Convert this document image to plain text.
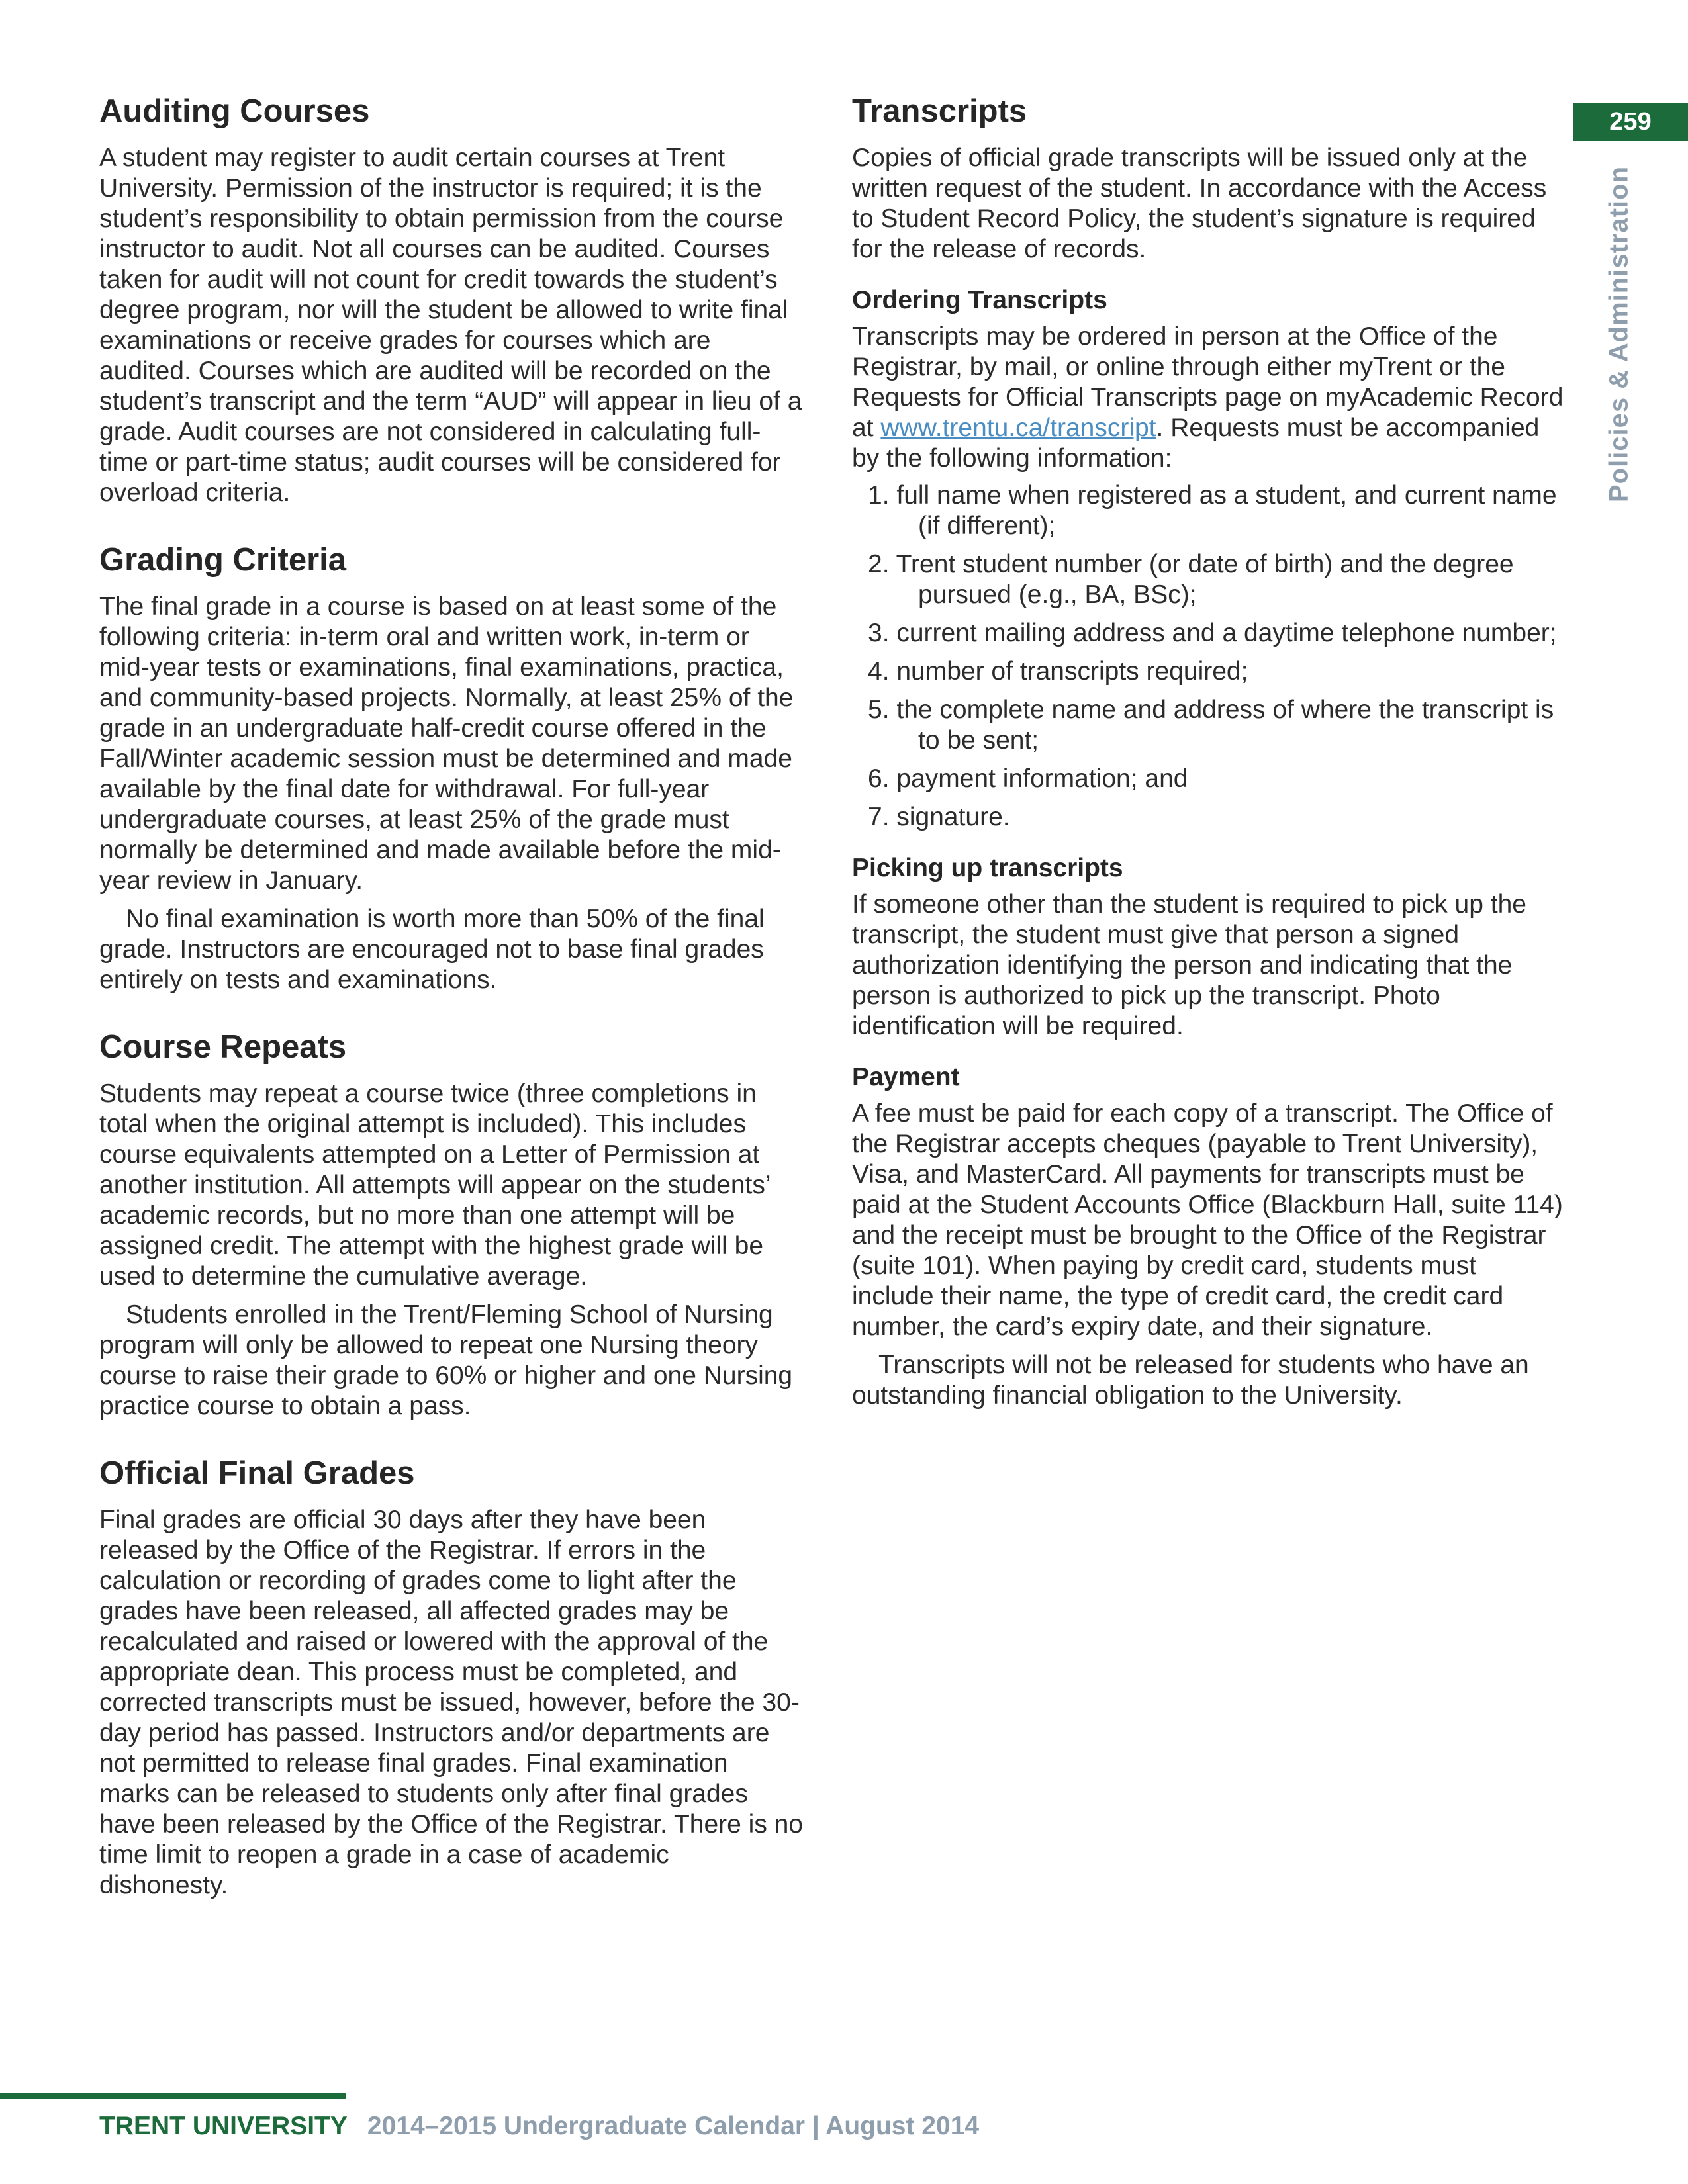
259
Policies & Administration
Auditing Courses

A student may register to audit certain courses at Trent University. Permission of the instructor is required; it is the student’s responsibility to obtain permission from the course instructor to audit. Not all courses can be audited. Courses taken for audit will not count for credit towards the student’s degree program, nor will the student be allowed to write final examinations or receive grades for courses which are audited. Courses which are audited will be recorded on the student’s transcript and the term “AUD” will appear in lieu of a grade. Audit courses are not considered in calculating full-time or part-time status; audit courses will be considered for overload criteria.

Grading Criteria

The final grade in a course is based on at least some of the following criteria: in-term oral and written work, in-term or mid-year tests or examinations, final examinations, practica, and community-based projects. Normally, at least 25% of the grade in an undergraduate half-credit course offered in the Fall/Winter academic session must be determined and made available by the final date for withdrawal. For full-year undergraduate courses, at least 25% of the grade must normally be determined and made available before the mid-year review in January.

No final examination is worth more than 50% of the final grade. Instructors are encouraged not to base final grades entirely on tests and examinations.

Course Repeats

Students may repeat a course twice (three completions in total when the original attempt is included). This includes course equivalents attempted on a Letter of Permission at another institution. All attempts will appear on the students’ academic records, but no more than one attempt will be assigned credit. The attempt with the highest grade will be used to determine the cumulative average.

Students enrolled in the Trent/Fleming School of Nursing program will only be allowed to repeat one Nursing theory course to raise their grade to 60% or higher and one Nursing practice course to obtain a pass.

Official Final Grades

Final grades are official 30 days after they have been released by the Office of the Registrar. If errors in the calculation or recording of grades come to light after the grades have been released, all affected grades may be recalculated and raised or lowered with the approval of the appropriate dean. This process must be completed, and corrected transcripts must be issued, however, before the 30-day period has passed. Instructors and/or departments are not permitted to release final grades. Final examination marks can be released to students only after final grades have been released by the Office of the Registrar. There is no time limit to reopen a grade in a case of academic dishonesty.

Transcripts

Copies of official grade transcripts will be issued only at the written request of the student. In accordance with the Access to Student Record Policy, the student’s signature is required for the release of records.

Ordering Transcripts

Transcripts may be ordered in person at the Office of the Registrar, by mail, or online through either myTrent or the Requests for Official Transcripts page on myAcademic Record at www.trentu.ca/transcript. Requests must be accompanied by the following information:

1. full name when registered as a student, and current name (if different);
2. Trent student number (or date of birth) and the degree pursued (e.g., BA, BSc);
3. current mailing address and a daytime telephone number;
4. number of transcripts required;
5. the complete name and address of where the transcript is to be sent;
6. payment information; and
7. signature.
Picking up transcripts

If someone other than the student is required to pick up the transcript, the student must give that person a signed authorization identifying the person and indicating that the person is authorized to pick up the transcript. Photo identification will be required.

Payment

A fee must be paid for each copy of a transcript. The Office of the Registrar accepts cheques (payable to Trent University), Visa, and MasterCard. All payments for transcripts must be paid at the Student Accounts Office (Blackburn Hall, suite 114) and the receipt must be brought to the Office of the Registrar (suite 101). When paying by credit card, students must include their name, the type of credit card, the credit card number, the card’s expiry date, and their signature.

Transcripts will not be released for students who have an outstanding financial obligation to the University.

TRENT UNIVERSITY 2014–2015 Undergraduate Calendar | August 2014
